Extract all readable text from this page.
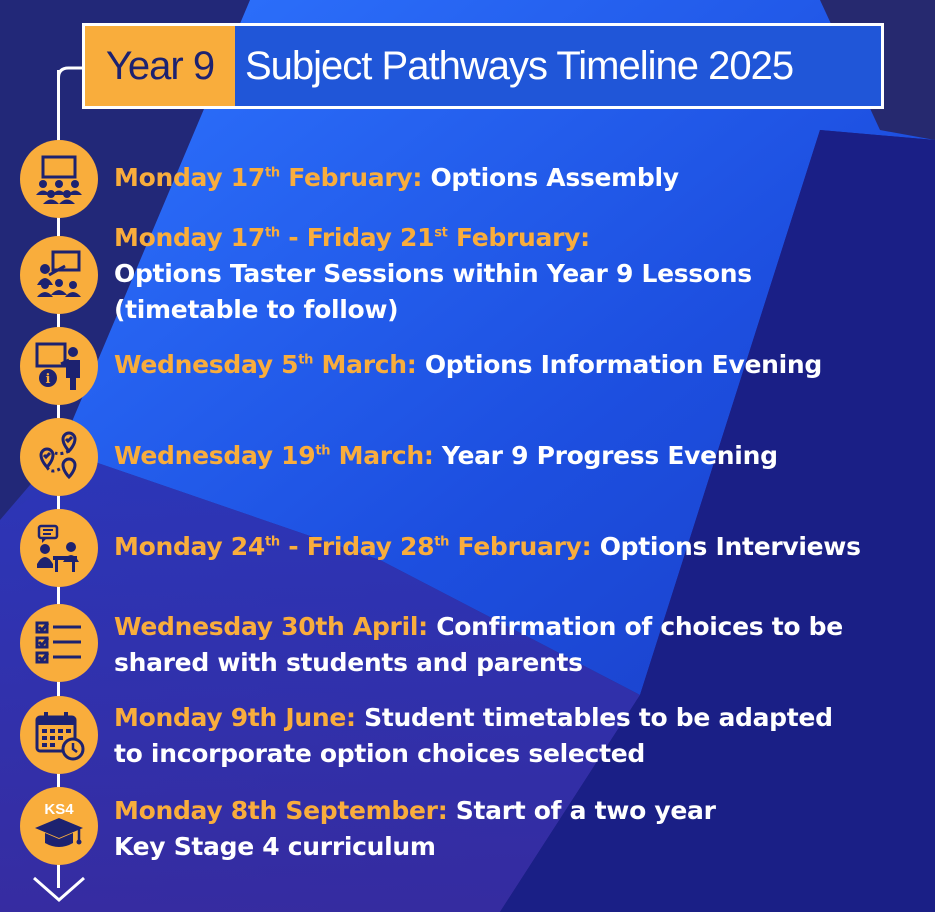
Year 9 Subject Pathways Timeline 2025
Monday 17th February: Options Assembly
Monday 17th - Friday 21st February:
Options Taster Sessions within Year 9 Lessons
(timetable to follow)
i
Wednesday 5th March: Options Information Evening
Wednesday 19th March: Year 9 Progress Evening
Monday 24th - Friday 28th February: Options Interviews
Wednesday 30th April: Confirmation of choices to be
shared with students and parents
Monday 9th June: Student timetables to be adapted
to incorporate option choices selected
KS4 Monday 8th September: Start of a two year
Key Stage 4 curriculum
